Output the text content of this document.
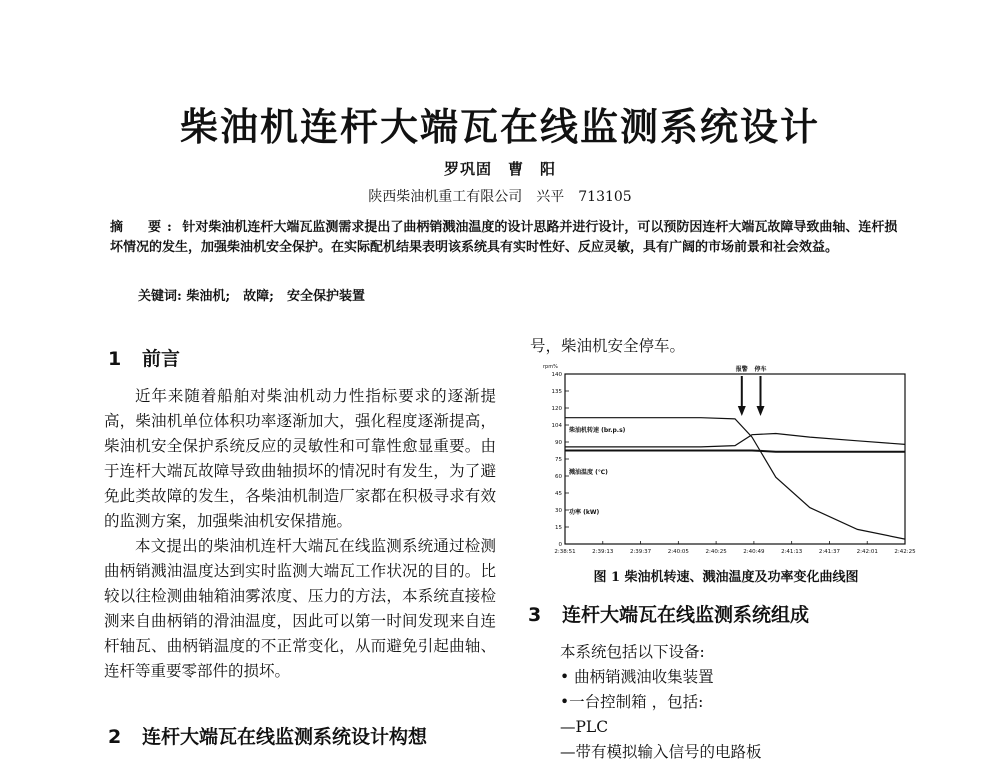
柴油机连杆大端瓦在线监测系统设计
罗巩固　曹　阳
陕西柴油机重工有限公司　兴平　713105
摘　要: 针对柴油机连杆大端瓦监测需求提出了曲柄销溅油温度的设计思路并进行设计，可以预防因连杆大端瓦故障导致曲轴、连杆损坏情况的发生，加强柴油机安全保护。在实际配机结果表明该系统具有实时性好、反应灵敏，具有广阔的市场前景和社会效益。
关键词: 柴油机;　故障;　安全保护装置
1 前言

近年来随着船舶对柴油机动力性指标要求的逐渐提高，柴油机单位体积功率逐渐加大，强化程度逐渐提高，柴油机安全保护系统反应的灵敏性和可靠性愈显重要。由于连杆大端瓦故障导致曲轴损坏的情况时有发生，为了避免此类故障的发生，各柴油机制造厂家都在积极寻求有效的监测方案，加强柴油机安保措施。

本文提出的柴油机连杆大端瓦在线监测系统通过检测曲柄销溅油温度达到实时监测大端瓦工作状况的目的。比较以往检测曲轴箱油雾浓度、压力的方法，本系统直接检测来自曲柄销的滑油温度，因此可以第一时间发现来自连杆轴瓦、曲柄销温度的不正常变化，从而避免引起曲轴、连杆等重要零部件的损坏。

2 连杆大端瓦在线监测系统设计构想
号，柴油机安全停车。
rpm%
140
135
120
104
90
75
60
45
30
15
0
2:38:51	2:39:13	2:39:37	2:40:05	2:40:25	2:40:49	2:41:13	2:41:37	2:42:01	2:42:25
柴油机转速 (br.p.s)
溅油温度 (℃)
功率 (kW)
报警 停车
图 1 柴油机转速、溅油温度及功率变化曲线图
3 连杆大端瓦在线监测系统组成
本系统包括以下设备:
• 曲柄销溅油收集装置
•一台控制箱 ，包括:
—PLC
—带有模拟输入信号的电路板
